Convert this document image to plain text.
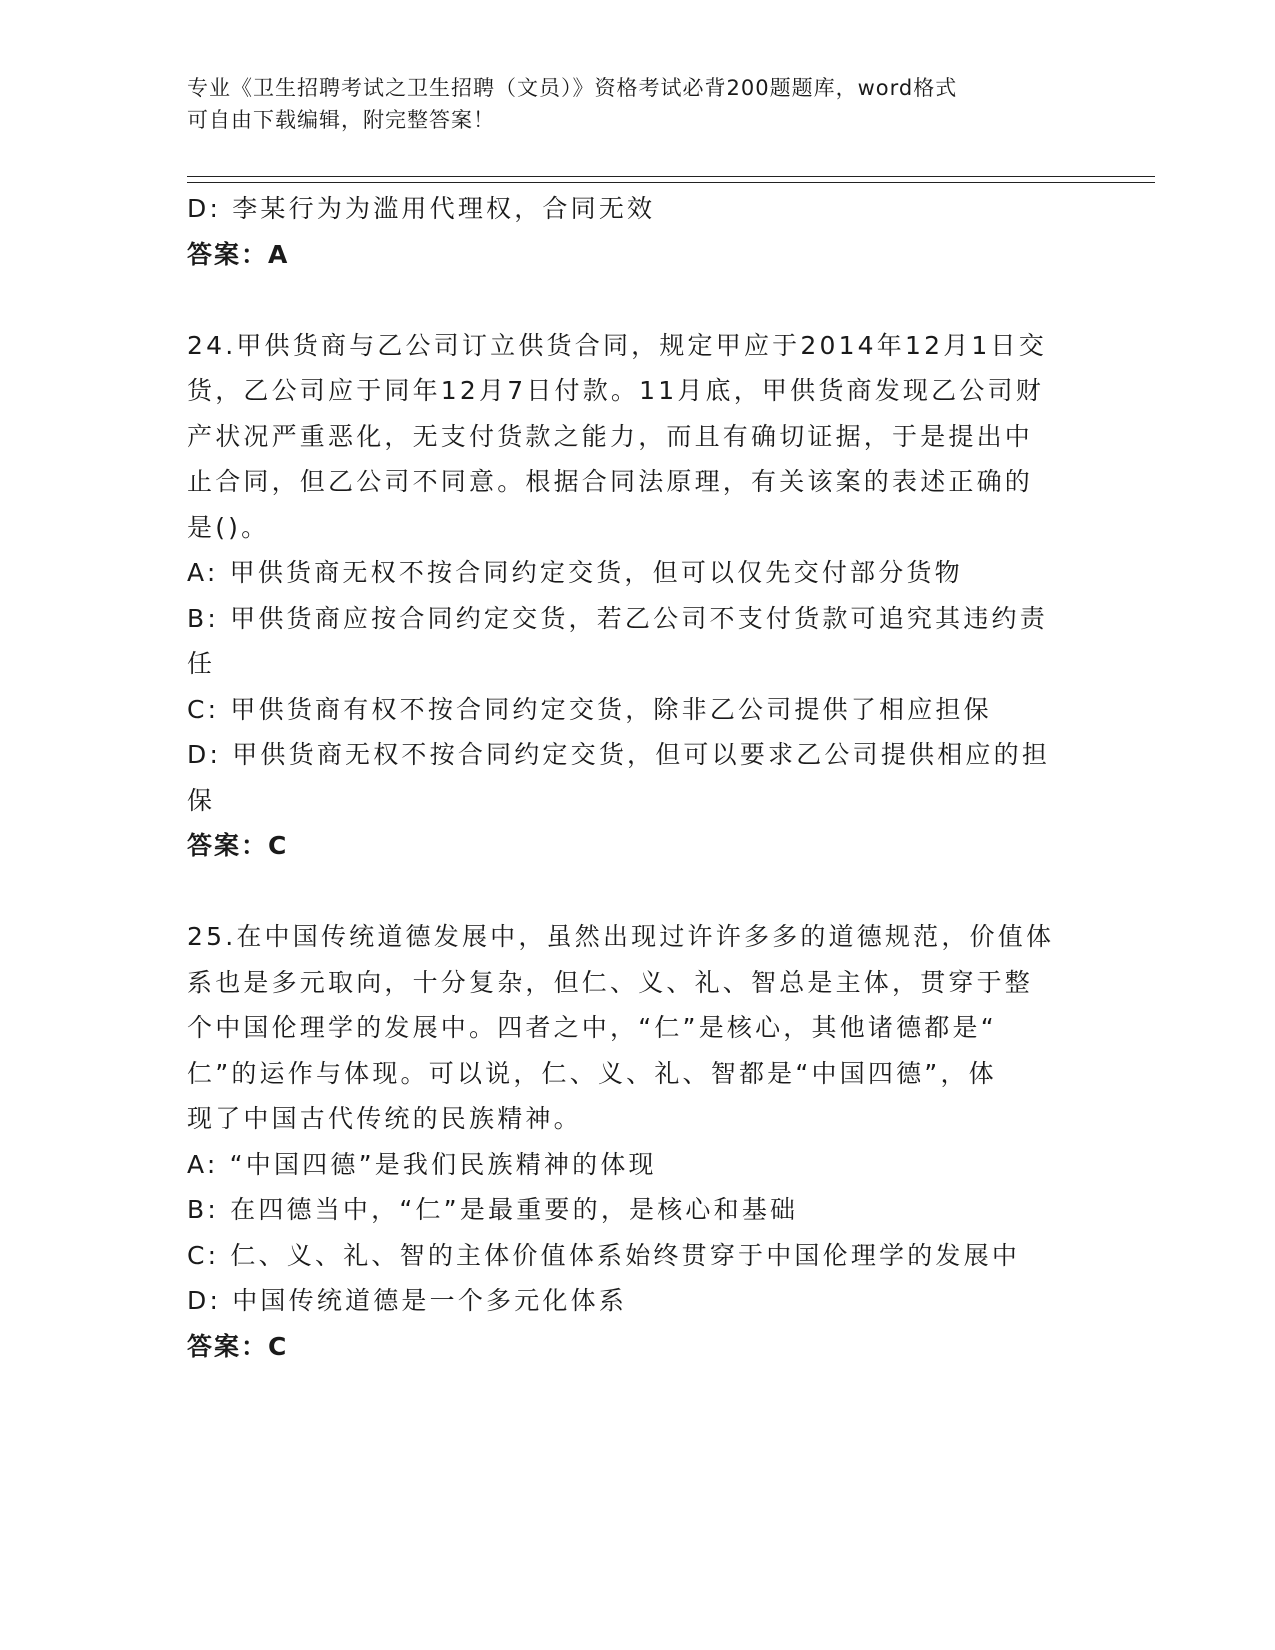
专业《卫生招聘考试之卫生招聘（文员）》资格考试必背200题题库，word格式
可自由下载编辑，附完整答案！
D: 李某行为为滥用代理权，合同无效
答案：A
24.甲供货商与乙公司订立供货合同，规定甲应于2014年12月1日交
货，乙公司应于同年12月7日付款。11月底，甲供货商发现乙公司财
产状况严重恶化，无支付货款之能力，而且有确切证据，于是提出中
止合同，但乙公司不同意。根据合同法原理，有关该案的表述正确的
是()。
A: 甲供货商无权不按合同约定交货，但可以仅先交付部分货物
B: 甲供货商应按合同约定交货，若乙公司不支付货款可追究其违约责
任
C: 甲供货商有权不按合同约定交货，除非乙公司提供了相应担保
D: 甲供货商无权不按合同约定交货，但可以要求乙公司提供相应的担
保
答案：C
25.在中国传统道德发展中，虽然出现过许许多多的道德规范，价值体
系也是多元取向，十分复杂，但仁、义、礼、智总是主体，贯穿于整
个中国伦理学的发展中。四者之中，“仁”是核心，其他诸德都是“
仁”的运作与体现。可以说，仁、义、礼、智都是“中国四德”，体
现了中国古代传统的民族精神。
A: “中国四德”是我们民族精神的体现
B: 在四德当中，“仁”是最重要的，是核心和基础
C: 仁、义、礼、智的主体价值体系始终贯穿于中国伦理学的发展中
D: 中国传统道德是一个多元化体系
答案：C
